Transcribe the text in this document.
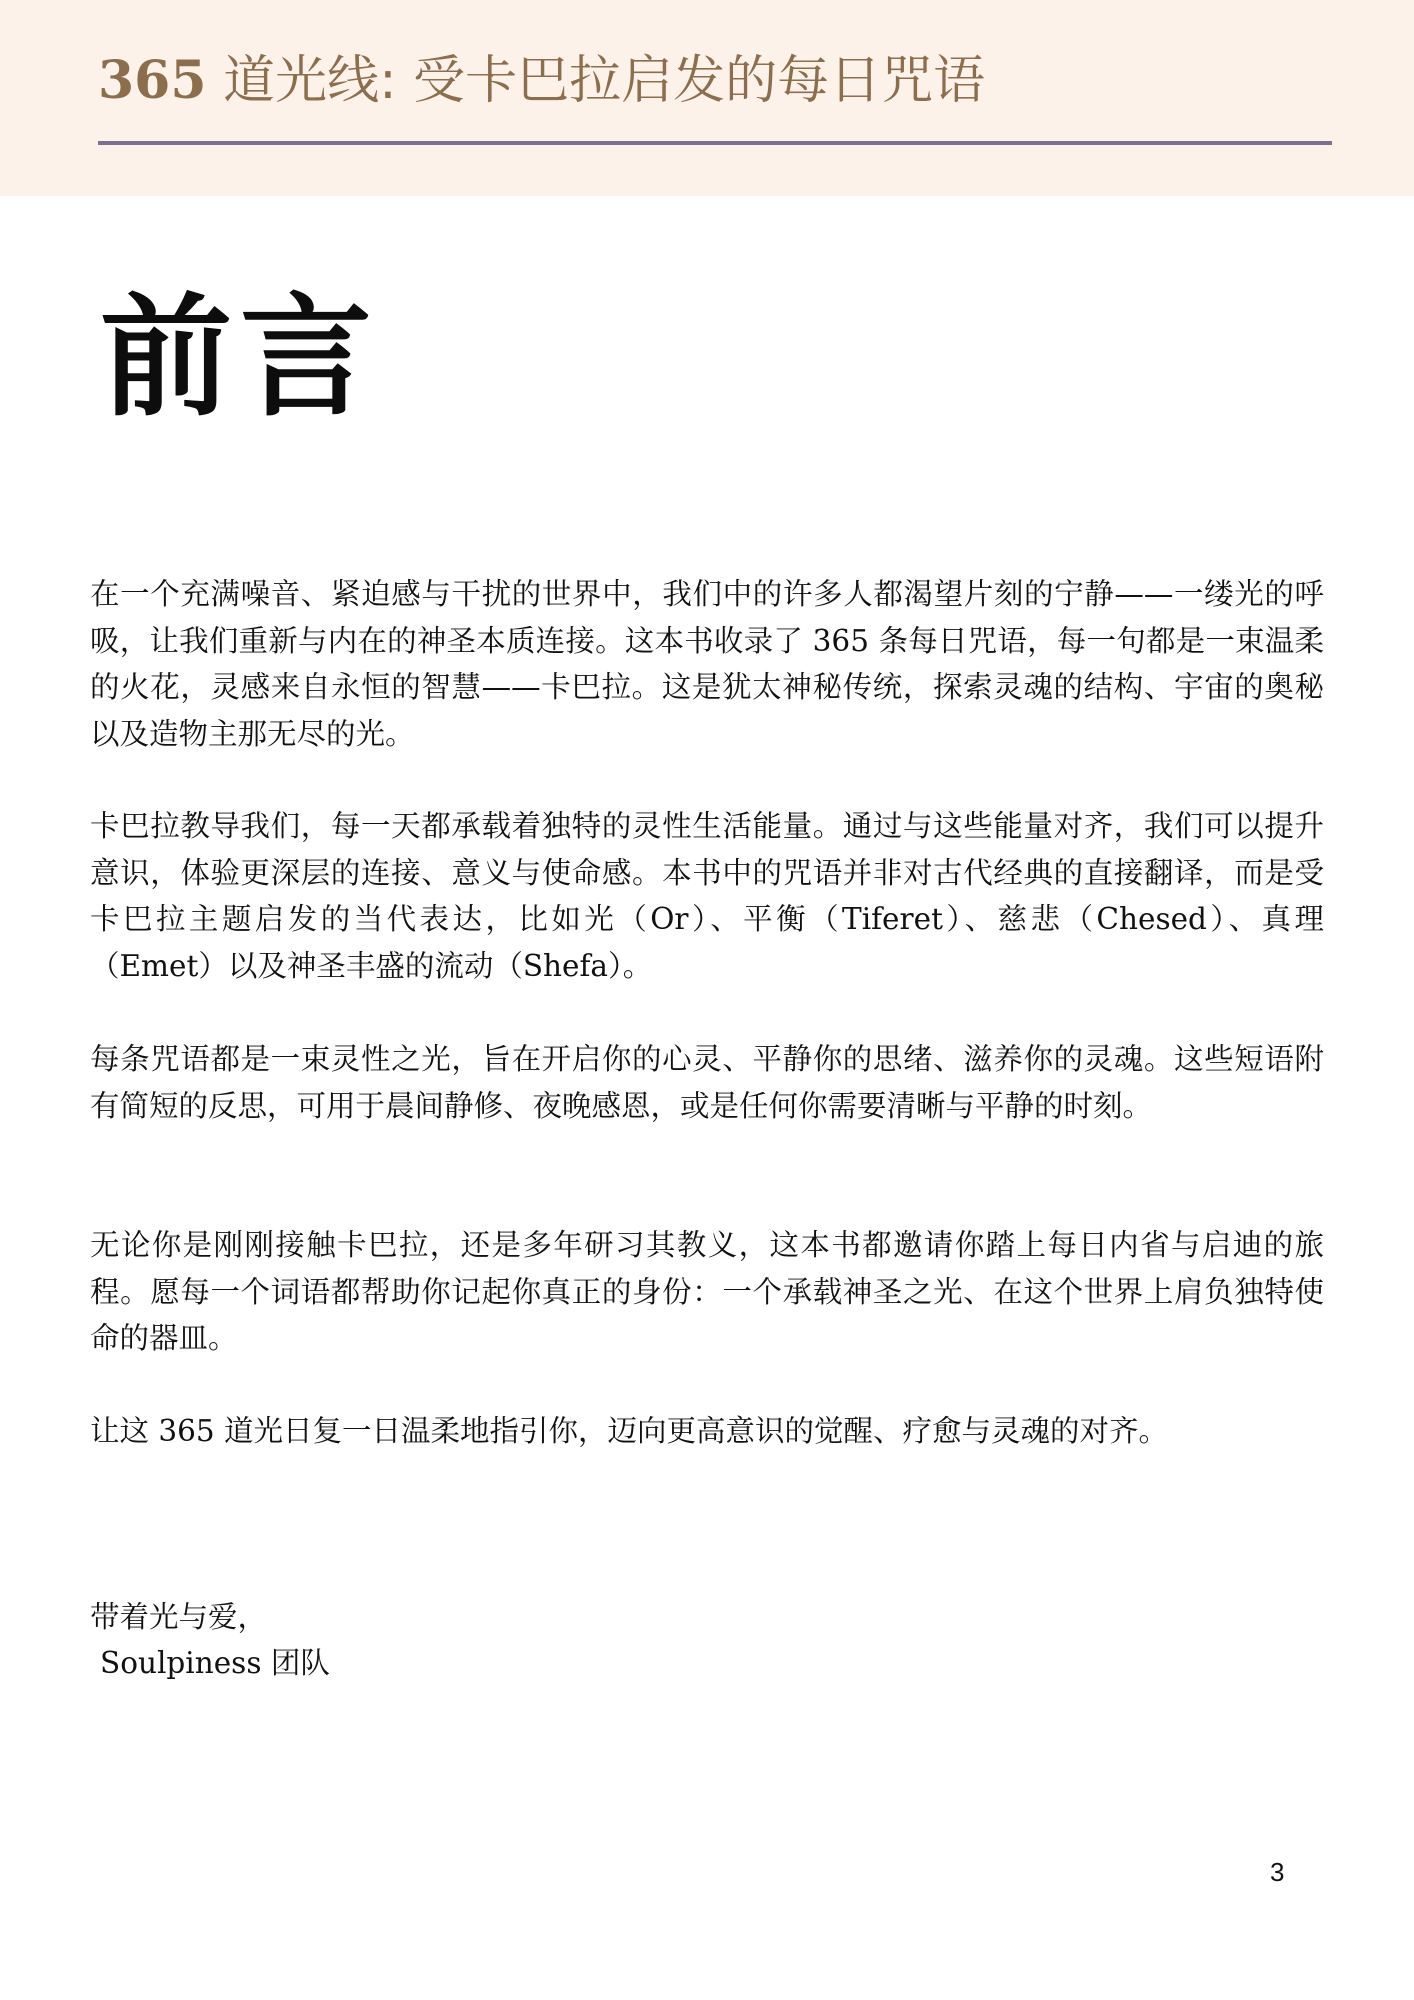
365 道光线: 受卡巴拉启发的每日咒语
前言

在一个充满噪音、紧迫感与干扰的世界中，我们中的许多人都渴望片刻的宁静——一缕光的呼吸，让我们重新与内在的神圣本质连接。这本书收录了 365 条每日咒语，每一句都是一束温柔的火花，灵感来自永恒的智慧——卡巴拉。这是犹太神秘传统，探索灵魂的结构、宇宙的奥秘以及造物主那无尽的光。

卡巴拉教导我们，每一天都承载着独特的灵性生活能量。通过与这些能量对齐，我们可以提升意识，体验更深层的连接、意义与使命感。本书中的咒语并非对古代经典的直接翻译，而是受卡巴拉主题启发的当代表达，比如光（Or）、平衡（Tiferet）、慈悲（Chesed）、真理（Emet）以及神圣丰盛的流动（Shefa）。

每条咒语都是一束灵性之光，旨在开启你的心灵、平静你的思绪、滋养你的灵魂。这些短语附有简短的反思，可用于晨间静修、夜晚感恩，或是任何你需要清晰与平静的时刻。

无论你是刚刚接触卡巴拉，还是多年研习其教义，这本书都邀请你踏上每日内省与启迪的旅程。愿每一个词语都帮助你记起你真正的身份：一个承载神圣之光、在这个世界上肩负独特使命的器皿。

让这 365 道光日复一日温柔地指引你，迈向更高意识的觉醒、疗愈与灵魂的对齐。

带着光与爱，

Soulpiness 团队

3
